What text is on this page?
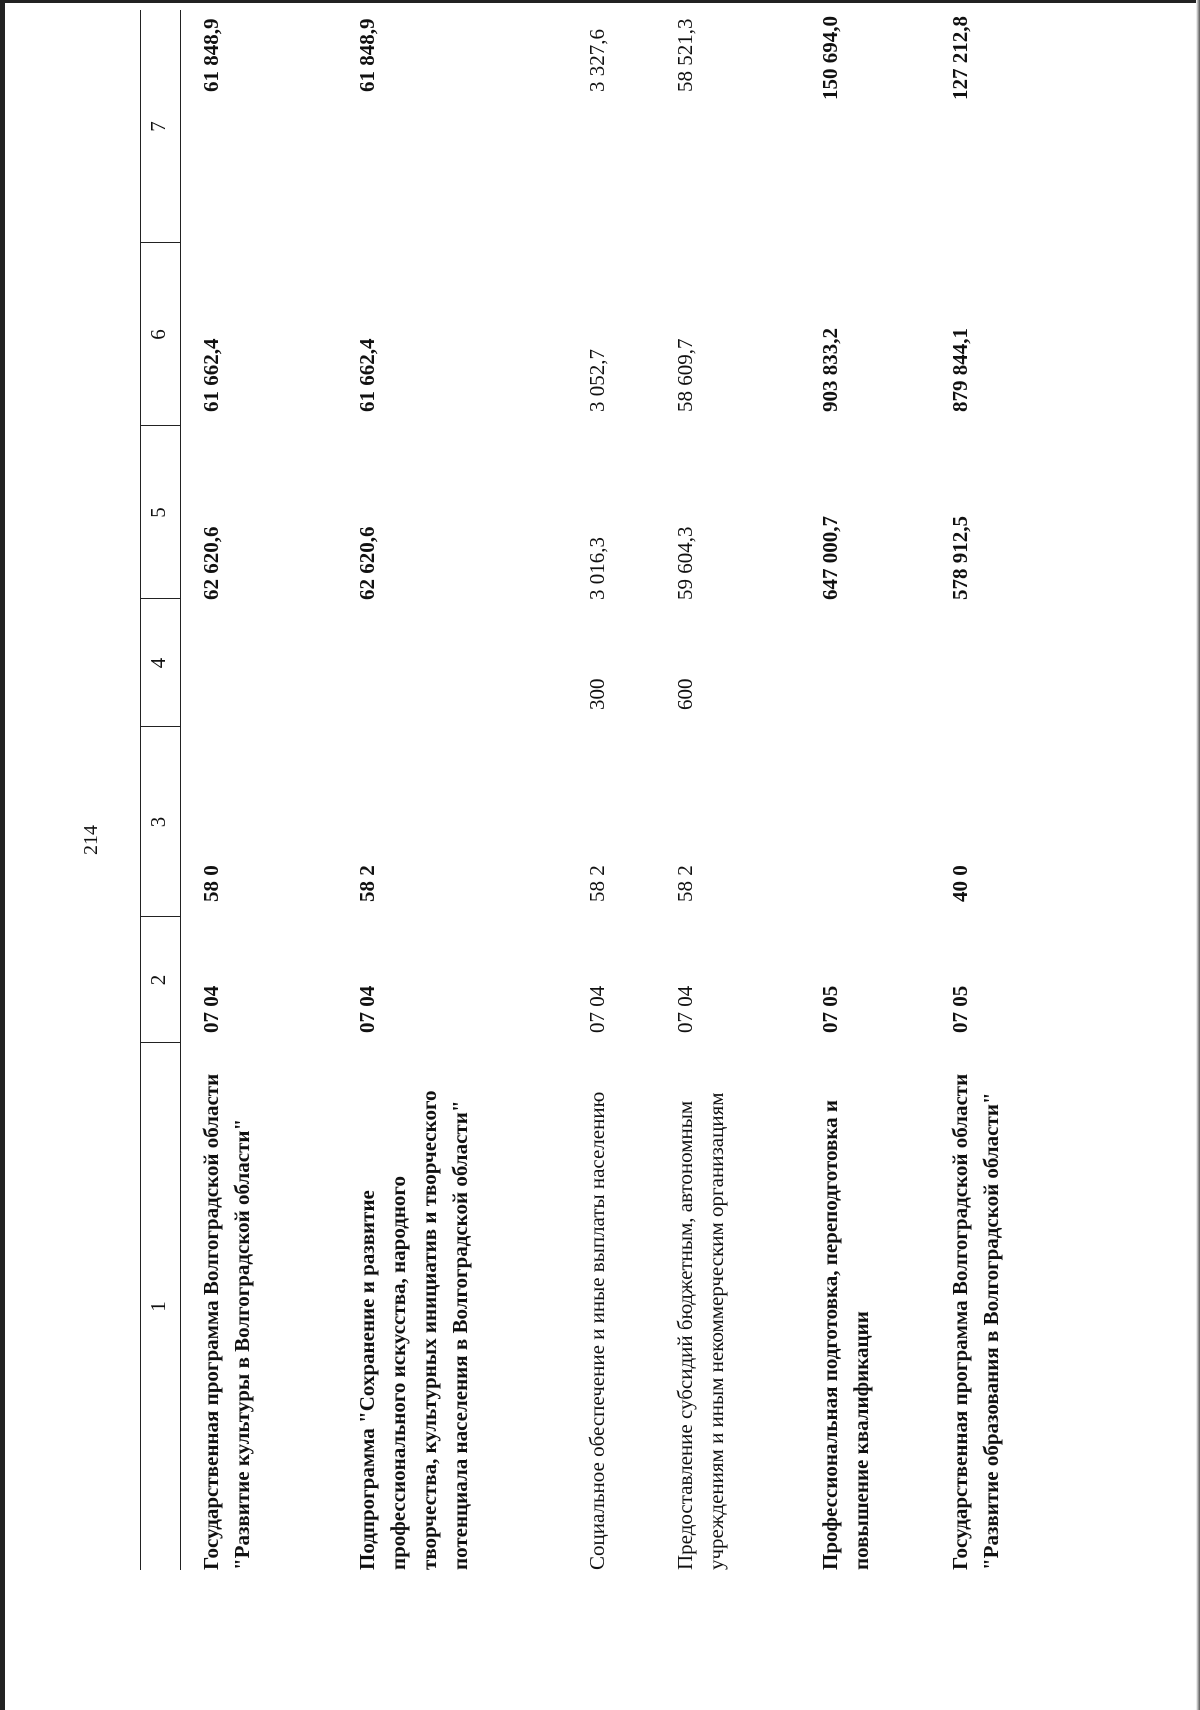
214
1
2
3
4
5
6
7
Государственная программа Волгоградской области "Развитие культуры в Волгоградской области"
07 04
58 0
62 620,6
61 662,4
61 848,9
Подпрограмма "Сохранение и развитие профессионального искусства, народного творчества, культурных инициатив и творческого потенциала населения в Волгоградской области"
07 04
58 2
62 620,6
61 662,4
61 848,9
Социальное обеспечение и иные выплаты населению
07 04
58 2
300
3 016,3
3 052,7
3 327,6
Предоставление субсидий бюджетным, автономным учреждениям и иным некоммерческим организациям
07 04
58 2
600
59 604,3
58 609,7
58 521,3
Профессиональная подготовка, переподготовка и повышение квалификации
07 05
647 000,7
903 833,2
150 694,0
Государственная программа Волгоградской области "Развитие образования в Волгоградской области"
07 05
40 0
578 912,5
879 844,1
127 212,8
